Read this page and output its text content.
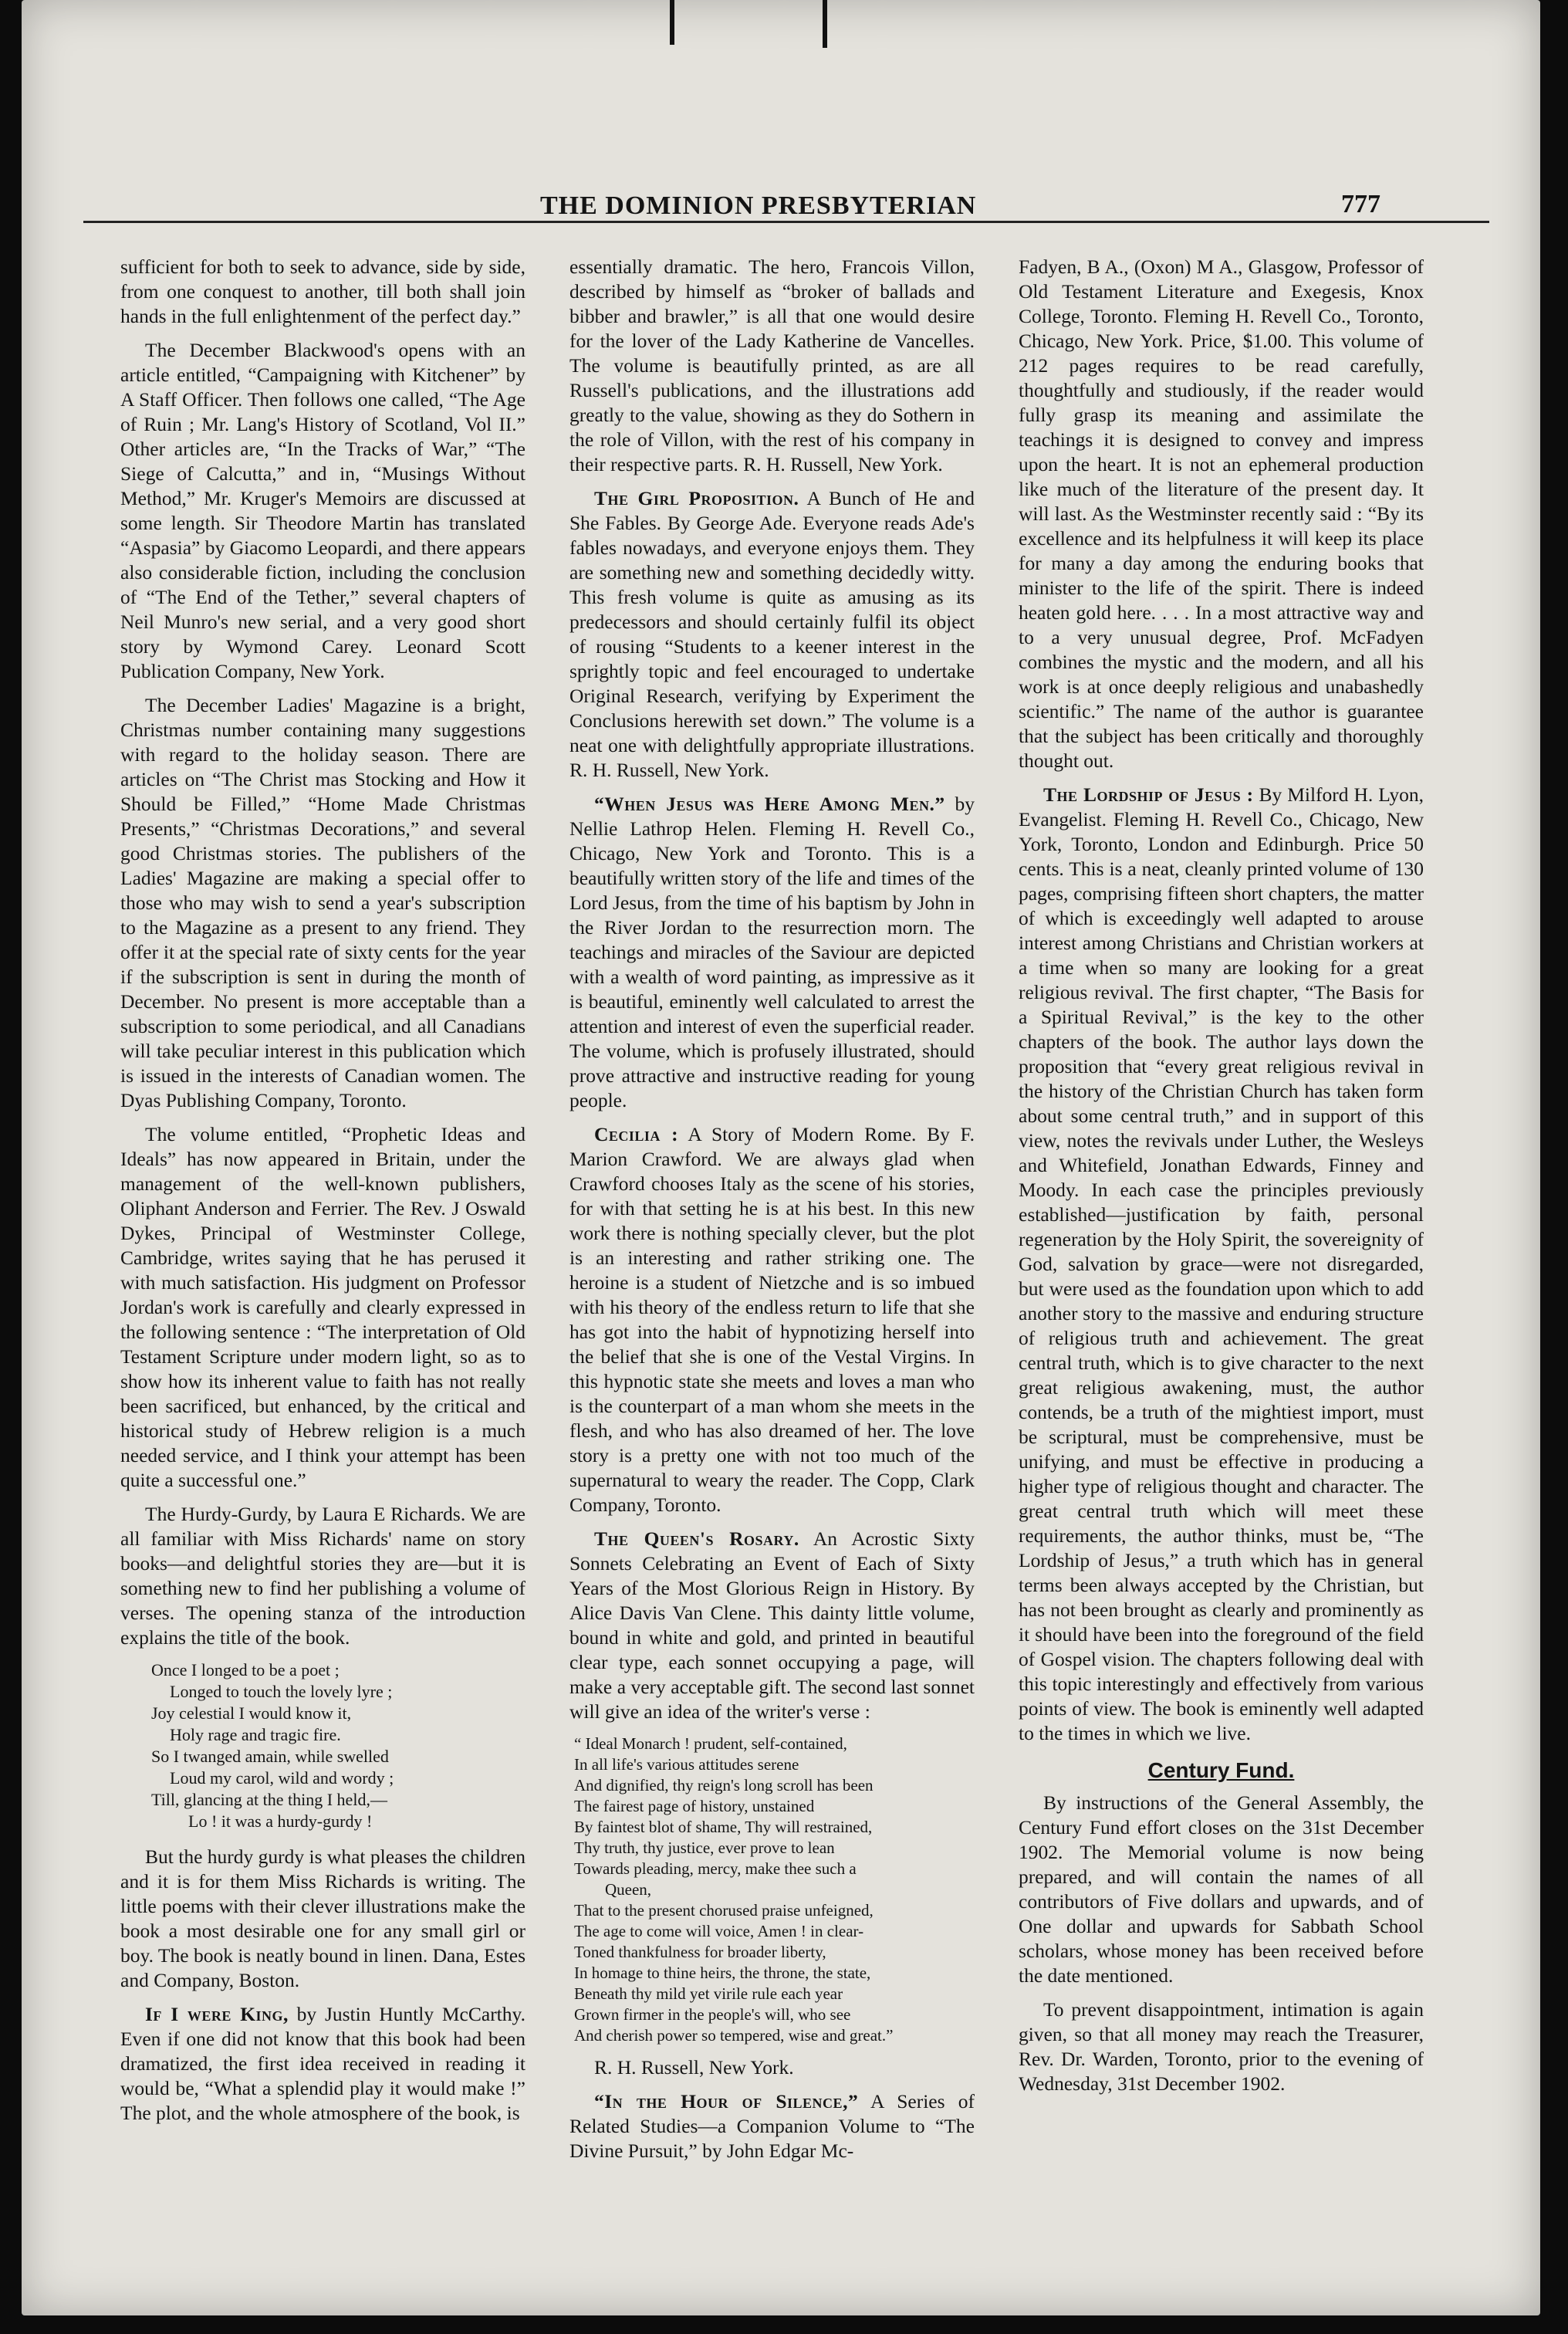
THE DOMINION PRESBYTERIAN	777

sufficient for both to seek to advance, side by side, from one conquest to another, till both shall join hands in the full enlightenment of the perfect day.”

The December Blackwood's opens with an article entitled, “Campaigning with Kitchener” by A Staff Officer. Then follows one called, “The Age of Ruin ; Mr. Lang's History of Scotland, Vol II.” Other articles are, “In the Tracks of War,” “The Siege of Calcutta,” and in, “Musings Without Method,” Mr. Kruger's Memoirs are discussed at some length. Sir Theodore Martin has translated “Aspasia” by Giacomo Leopardi, and there appears also considerable fiction, including the conclusion of “The End of the Tether,” several chapters of Neil Munro's new serial, and a very good short story by Wymond Carey. Leonard Scott Publication Company, New York.

The December Ladies' Magazine is a bright, Christmas number containing many suggestions with regard to the holiday season. There are articles on “The Christ mas Stocking and How it Should be Filled,” “Home Made Christmas Presents,” “Christmas Decorations,” and several good Christmas stories. The publishers of the Ladies' Magazine are making a special offer to those who may wish to send a year's subscription to the Magazine as a present to any friend. They offer it at the special rate of sixty cents for the year if the subscription is sent in during the month of December. No present is more acceptable than a subscription to some periodical, and all Canadians will take peculiar interest in this publication which is issued in the interests of Canadian women. The Dyas Publishing Company, Toronto.

The volume entitled, “Prophetic Ideas and Ideals” has now appeared in Britain, under the management of the well-known publishers, Oliphant Anderson and Ferrier. The Rev. J Oswald Dykes, Principal of Westminster College, Cambridge, writes saying that he has perused it with much satisfaction. His judgment on Professor Jordan's work is carefully and clearly expressed in the following sentence : “The interpretation of Old Testament Scripture under modern light, so as to show how its inherent value to faith has not really been sacrificed, but enhanced, by the critical and historical study of Hebrew religion is a much needed service, and I think your attempt has been quite a successful one.”

The Hurdy-Gurdy, by Laura E Richards. We are all familiar with Miss Richards' name on story books—and delightful stories they are—but it is something new to find her publishing a volume of verses. The opening stanza of the introduction explains the title of the book.

Once I longed to be a poet ;
Longed to touch the lovely lyre ;
Joy celestial I would know it,
Holy rage and tragic fire.
So I twanged amain, while swelled
Loud my carol, wild and wordy ;
Till, glancing at the thing I held,—
Lo ! it was a hurdy-gurdy !

But the hurdy gurdy is what pleases the children and it is for them Miss Richards is writing. The little poems with their clever illustrations make the book a most desirable one for any small girl or boy. The book is neatly bound in linen. Dana, Estes and Company, Boston.

If I were King, by Justin Huntly McCarthy. Even if one did not know that this book had been dramatized, the first idea received in reading it would be, “What a splendid play it would make !” The plot, and the whole atmosphere of the book, is

essentially dramatic. The hero, Francois Villon, described by himself as “broker of ballads and bibber and brawler,” is all that one would desire for the lover of the Lady Katherine de Vancelles. The volume is beautifully printed, as are all Russell's publications, and the illustrations add greatly to the value, showing as they do Sothern in the role of Villon, with the rest of his company in their respective parts. R. H. Russell, New York.

The Girl Proposition. A Bunch of He and She Fables. By George Ade. Everyone reads Ade's fables nowadays, and everyone enjoys them. They are something new and something decidedly witty. This fresh volume is quite as amusing as its predecessors and should certainly fulfil its object of rousing “Students to a keener interest in the sprightly topic and feel encouraged to undertake Original Research, verifying by Experiment the Conclusions herewith set down.” The volume is a neat one with delightfully appropriate illustrations. R. H. Russell, New York.

“When Jesus was Here Among Men.” by Nellie Lathrop Helen. Fleming H. Revell Co., Chicago, New York and Toronto. This is a beautifully written story of the life and times of the Lord Jesus, from the time of his baptism by John in the River Jordan to the resurrection morn. The teachings and miracles of the Saviour are depicted with a wealth of word painting, as impressive as it is beautiful, eminently well calculated to arrest the attention and interest of even the superficial reader. The volume, which is profusely illustrated, should prove attractive and instructive reading for young people.

Cecilia : A Story of Modern Rome. By F. Marion Crawford. We are always glad when Crawford chooses Italy as the scene of his stories, for with that setting he is at his best. In this new work there is nothing specially clever, but the plot is an interesting and rather striking one. The heroine is a student of Nietzche and is so imbued with his theory of the endless return to life that she has got into the habit of hypnotizing herself into the belief that she is one of the Vestal Virgins. In this hypnotic state she meets and loves a man who is the counterpart of a man whom she meets in the flesh, and who has also dreamed of her. The love story is a pretty one with not too much of the supernatural to weary the reader. The Copp, Clark Company, Toronto.

The Queen's Rosary. An Acrostic Sixty Sonnets Celebrating an Event of Each of Sixty Years of the Most Glorious Reign in History. By Alice Davis Van Clene. This dainty little volume, bound in white and gold, and printed in beautiful clear type, each sonnet occupying a page, will make a very acceptable gift. The second last sonnet will give an idea of the writer's verse :

“ Ideal Monarch ! prudent, self-contained,
In all life's various attitudes serene
And dignified, thy reign's long scroll has been
The fairest page of history, unstained
By faintest blot of shame, Thy will restrained,
Thy truth, thy justice, ever prove to lean
Towards pleading, mercy, make thee such a
Queen,
That to the present chorused praise unfeigned,
The age to come will voice, Amen ! in clear-
Toned thankfulness for broader liberty,
In homage to thine heirs, the throne, the state,
Beneath thy mild yet virile rule each year
Grown firmer in the people's will, who see
And cherish power so tempered, wise and great.”

R. H. Russell, New York.

“In the Hour of Silence,” A Series of Related Studies—a Companion Volume to “The Divine Pursuit,” by John Edgar Mc-

Fadyen, B A., (Oxon) M A., Glasgow, Professor of Old Testament Literature and Exegesis, Knox College, Toronto. Fleming H. Revell Co., Toronto, Chicago, New York. Price, $1.00. This volume of 212 pages requires to be read carefully, thoughtfully and studiously, if the reader would fully grasp its meaning and assimilate the teachings it is designed to convey and impress upon the heart. It is not an ephemeral production like much of the literature of the present day. It will last. As the Westminster recently said : “By its excellence and its helpfulness it will keep its place for many a day among the enduring books that minister to the life of the spirit. There is indeed heaten gold here. . . . In a most attractive way and to a very unusual degree, Prof. McFadyen combines the mystic and the modern, and all his work is at once deeply religious and unabashedly scientific.” The name of the author is guarantee that the subject has been critically and thoroughly thought out.

The Lordship of Jesus : By Milford H. Lyon, Evangelist. Fleming H. Revell Co., Chicago, New York, Toronto, London and Edinburgh. Price 50 cents. This is a neat, cleanly printed volume of 130 pages, comprising fifteen short chapters, the matter of which is exceedingly well adapted to arouse interest among Christians and Christian workers at a time when so many are looking for a great religious revival. The first chapter, “The Basis for a Spiritual Revival,” is the key to the other chapters of the book. The author lays down the proposition that “every great religious revival in the history of the Christian Church has taken form about some central truth,” and in support of this view, notes the revivals under Luther, the Wesleys and Whitefield, Jonathan Edwards, Finney and Moody. In each case the principles previously established—justification by faith, personal regeneration by the Holy Spirit, the sovereignity of God, salvation by grace—were not disregarded, but were used as the foundation upon which to add another story to the massive and enduring structure of religious truth and achievement. The great central truth, which is to give character to the next great religious awakening, must, the author contends, be a truth of the mightiest import, must be scriptural, must be comprehensive, must be unifying, and must be effective in producing a higher type of religious thought and character. The great central truth which will meet these requirements, the author thinks, must be, “The Lordship of Jesus,” a truth which has in general terms been always accepted by the Christian, but has not been brought as clearly and prominently as it should have been into the foreground of the field of Gospel vision. The chapters following deal with this topic interestingly and effectively from various points of view. The book is eminently well adapted to the times in which we live.

Century Fund.

By instructions of the General Assembly, the Century Fund effort closes on the 31st December 1902. The Memorial volume is now being prepared, and will contain the names of all contributors of Five dollars and upwards, and of One dollar and upwards for Sabbath School scholars, whose money has been received before the date mentioned.

To prevent disappointment, intimation is again given, so that all money may reach the Treasurer, Rev. Dr. Warden, Toronto, prior to the evening of Wednesday, 31st December 1902.
